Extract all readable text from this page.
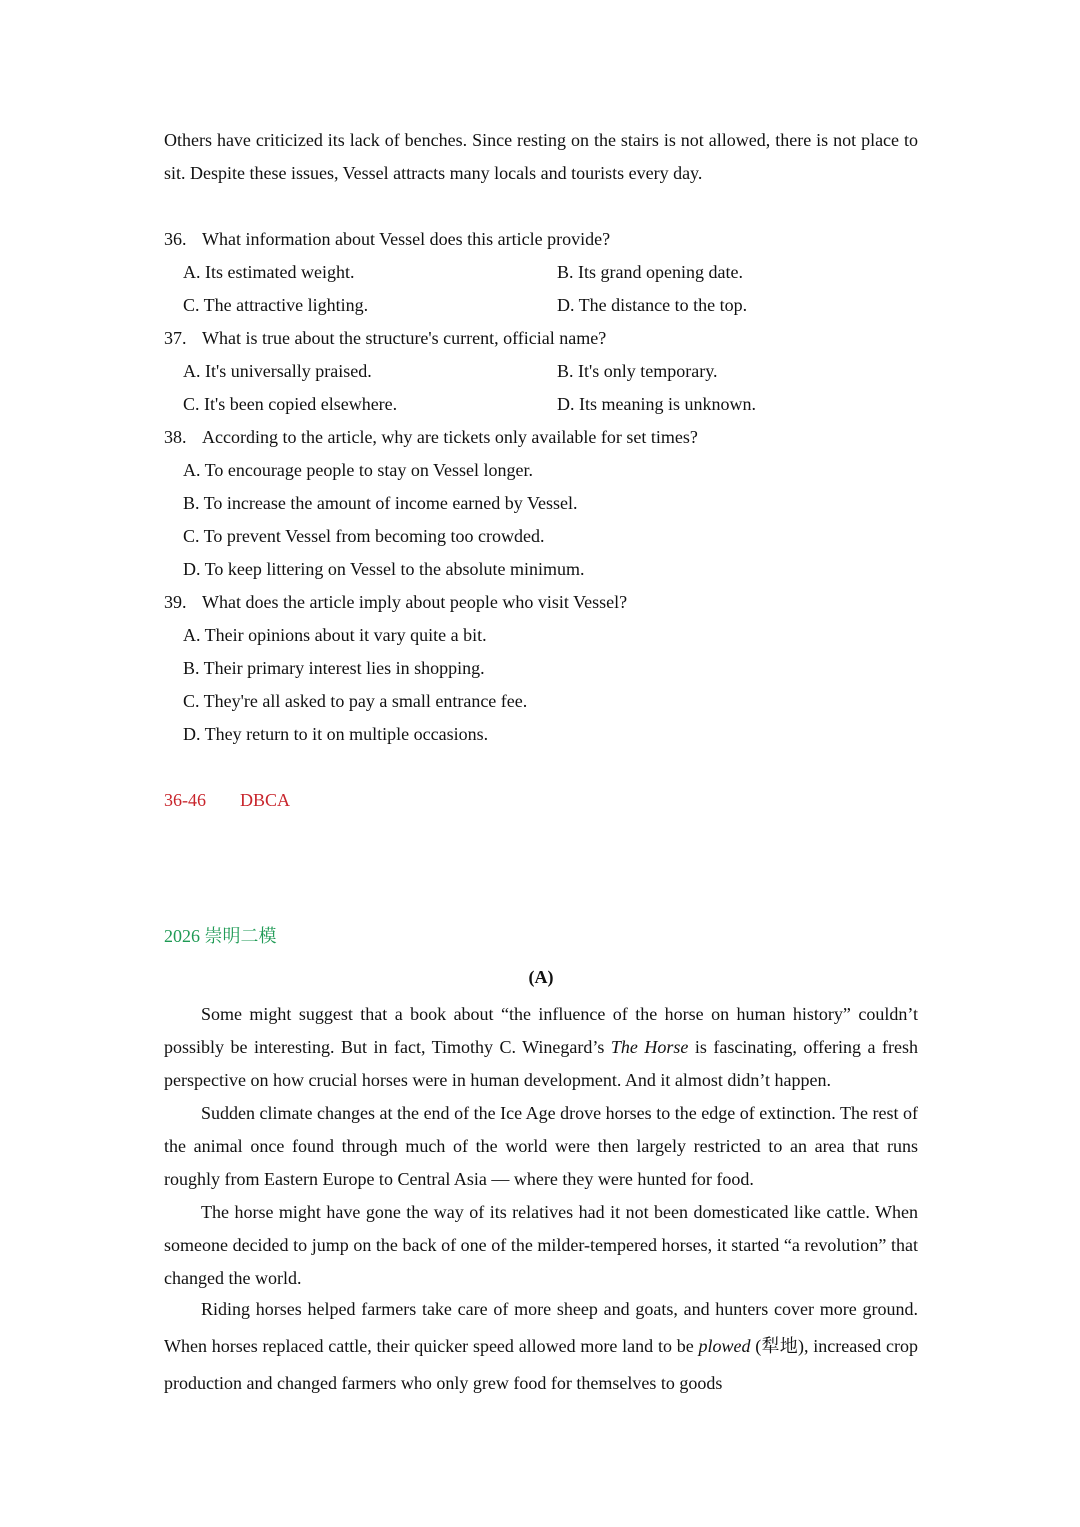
Others have criticized its lack of benches. Since resting on the stairs is not allowed, there is not place to sit. Despite these issues, Vessel attracts many locals and tourists every day.

36. What information about Vessel does this article provide?
A. Its estimated weight.	B. Its grand opening date.
C. The attractive lighting.	D. The distance to the top.
37. What is true about the structure's current, official name?
A. It's universally praised.	B. It's only temporary.
C. It's been copied elsewhere.	D. Its meaning is unknown.
38. According to the article, why are tickets only available for set times?
A. To encourage people to stay on Vessel longer.
B. To increase the amount of income earned by Vessel.
C. To prevent Vessel from becoming too crowded.
D. To keep littering on Vessel to the absolute minimum.
39. What does the article imply about people who visit Vessel?
A. Their opinions about it vary quite a bit.
B. Their primary interest lies in shopping.
C. They're all asked to pay a small entrance fee.
D. They return to it on multiple occasions.
36-46 DBCA
2026 崇明二模
(A)

Some might suggest that a book about “the influence of the horse on human history” couldn’t possibly be interesting. But in fact, Timothy C. Winegard’s The Horse is fascinating, offering a fresh perspective on how crucial horses were in human development. And it almost didn’t happen.

Sudden climate changes at the end of the Ice Age drove horses to the edge of extinction. The rest of the animal once found through much of the world were then largely restricted to an area that runs roughly from Eastern Europe to Central Asia — where they were hunted for food.

The horse might have gone the way of its relatives had it not been domesticated like cattle. When someone decided to jump on the back of one of the milder-tempered horses, it started “a revolution” that changed the world.

Riding horses helped farmers take care of more sheep and goats, and hunters cover more ground. When horses replaced cattle, their quicker speed allowed more land to be plowed (犁地), increased crop production and changed farmers who only grew food for themselves to goods
